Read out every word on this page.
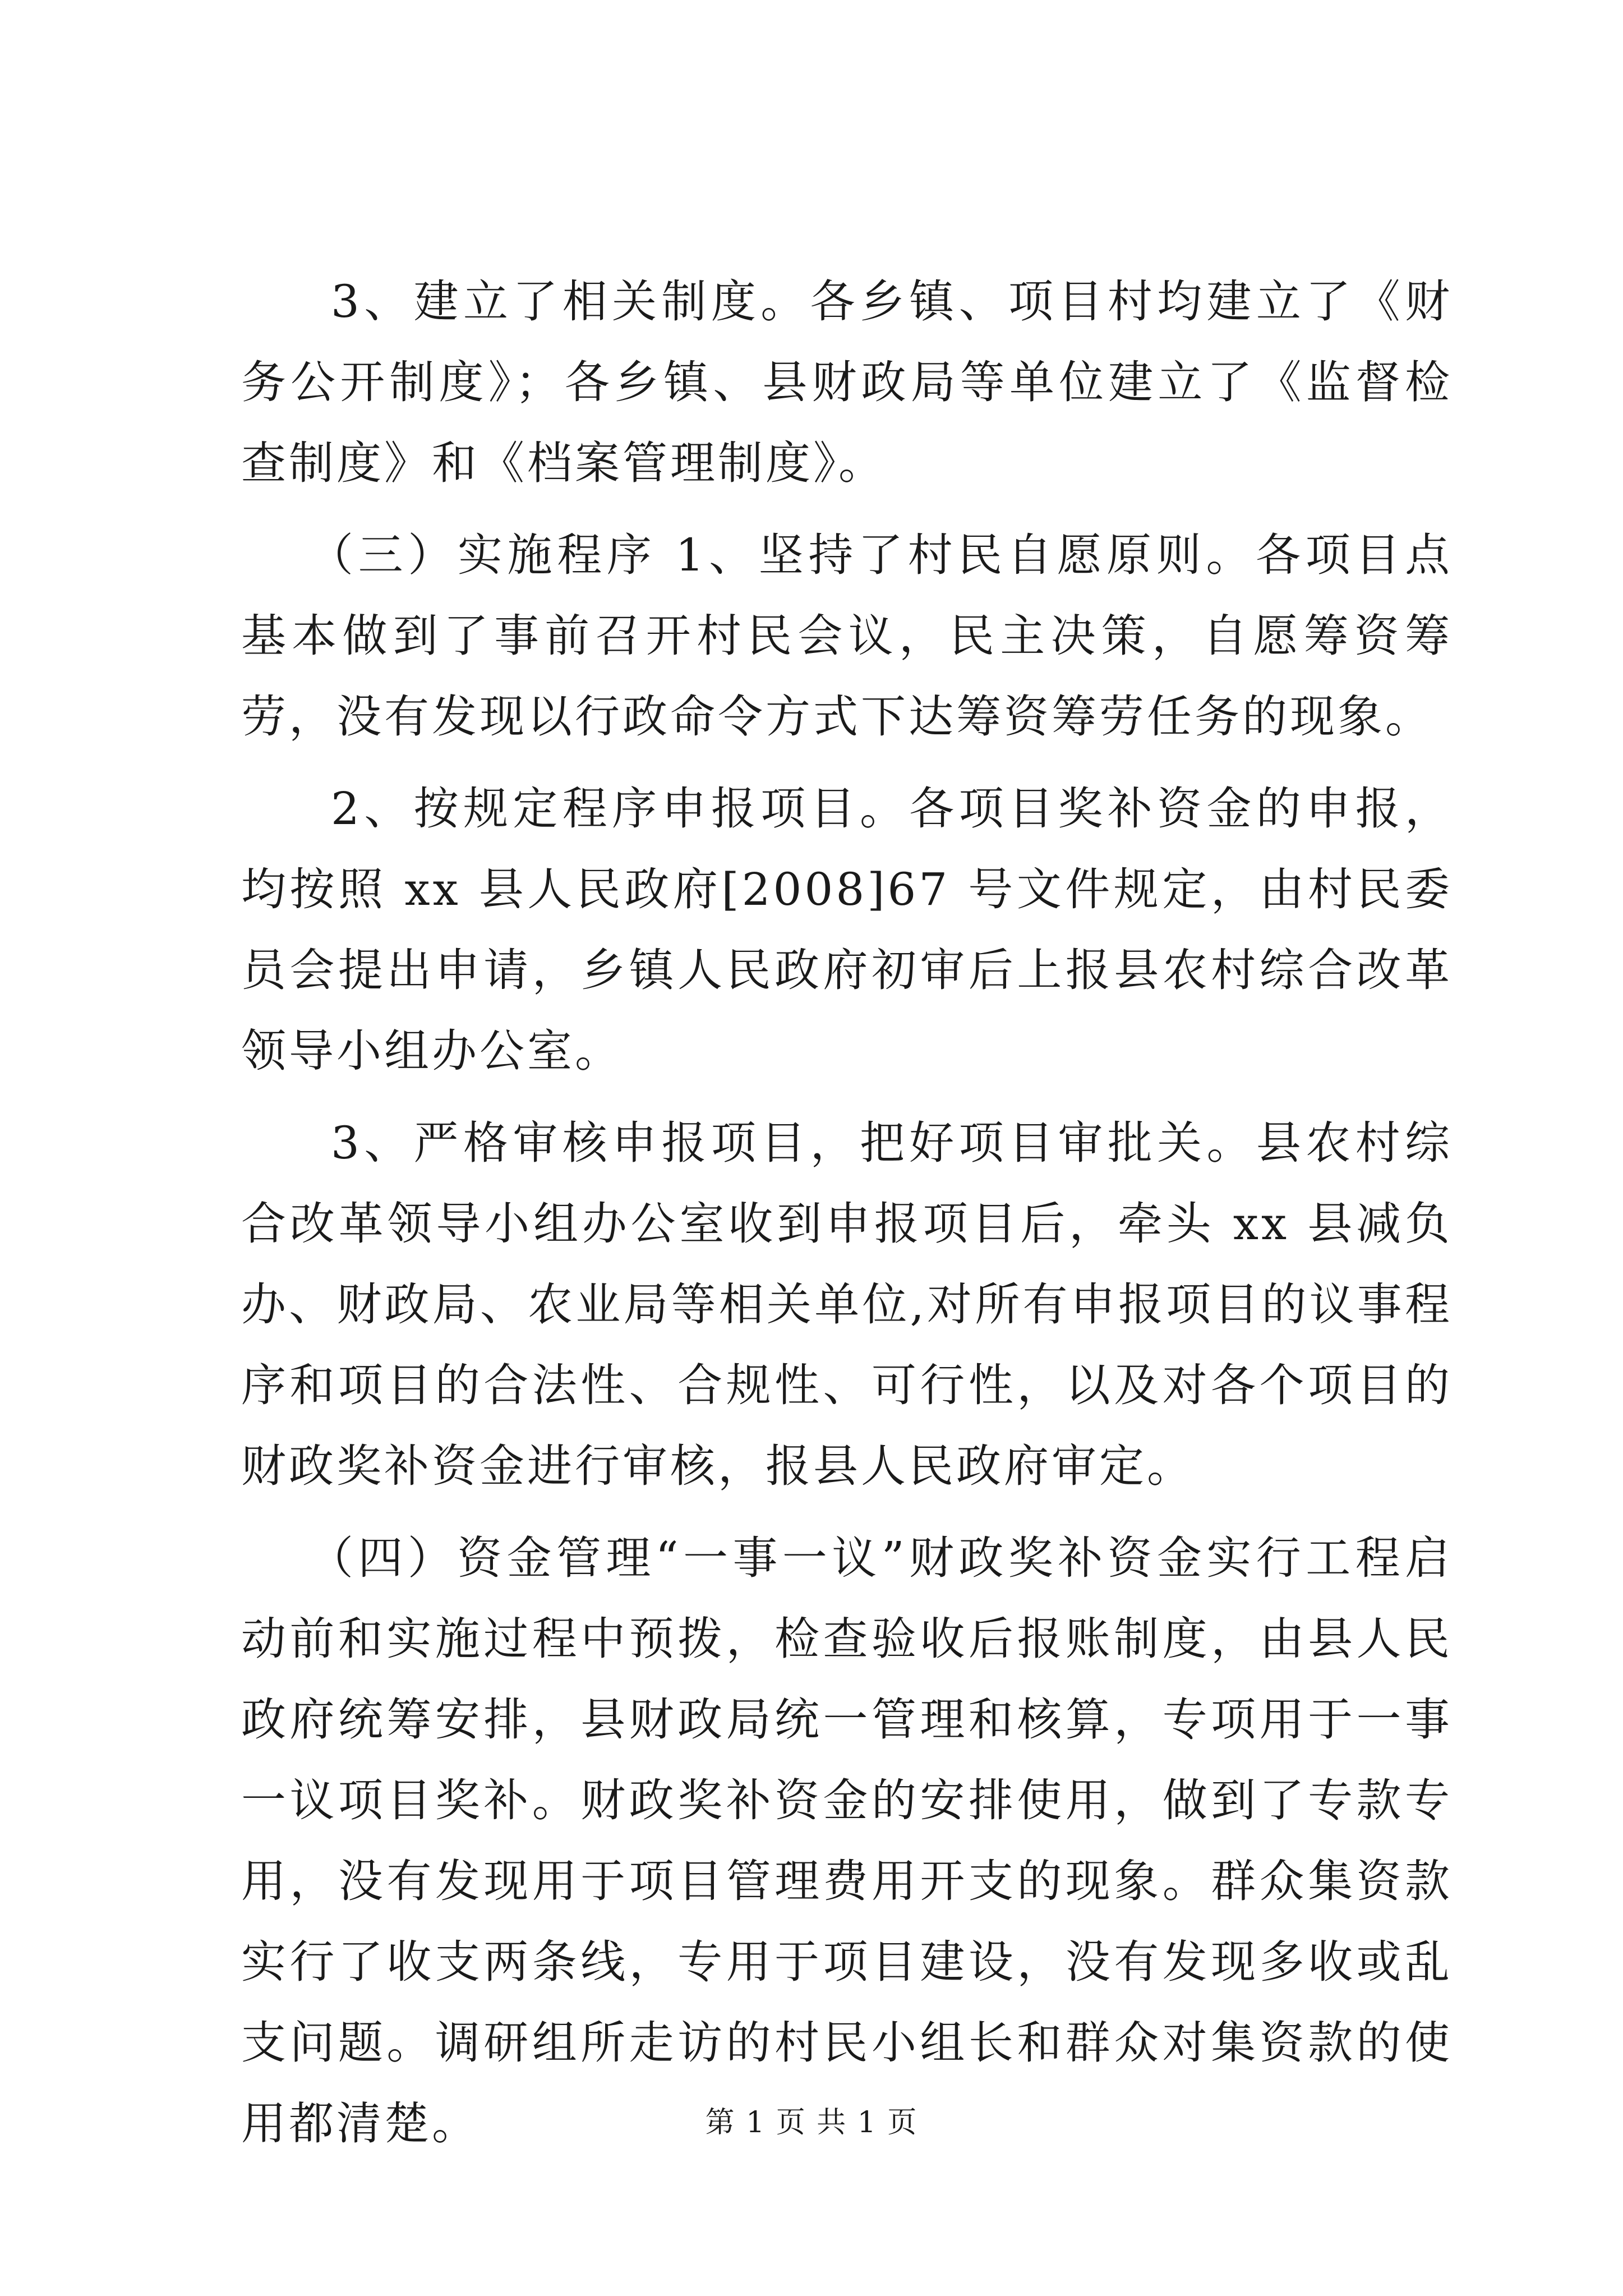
3、建立了相关制度。各乡镇、项目村均建立了《财务公开制度》；各乡镇、县财政局等单位建立了《监督检查制度》和《档案管理制度》。

（三）实施程序 1、坚持了村民自愿原则。各项目点基本做到了事前召开村民会议，民主决策，自愿筹资筹劳，没有发现以行政命令方式下达筹资筹劳任务的现象。

2、按规定程序申报项目。各项目奖补资金的申报，均按照 xx 县人民政府[2008]67 号文件规定，由村民委员会提出申请，乡镇人民政府初审后上报县农村综合改革领导小组办公室。

3、严格审核申报项目，把好项目审批关。县农村综合改革领导小组办公室收到申报项目后，牵头 xx 县减负办、财政局、农业局等相关单位,对所有申报项目的议事程序和项目的合法性、合规性、可行性，以及对各个项目的财政奖补资金进行审核，报县人民政府审定。

（四）资金管理“一事一议”财政奖补资金实行工程启动前和实施过程中预拨，检查验收后报账制度，由县人民政府统筹安排，县财政局统一管理和核算，专项用于一事一议项目奖补。财政奖补资金的安排使用，做到了专款专用，没有发现用于项目管理费用开支的现象。群众集资款实行了收支两条线，专用于项目建设，没有发现多收或乱支问题。调研组所走访的村民小组长和群众对集资款的使用都清楚。	第 1 页 共 1 页
